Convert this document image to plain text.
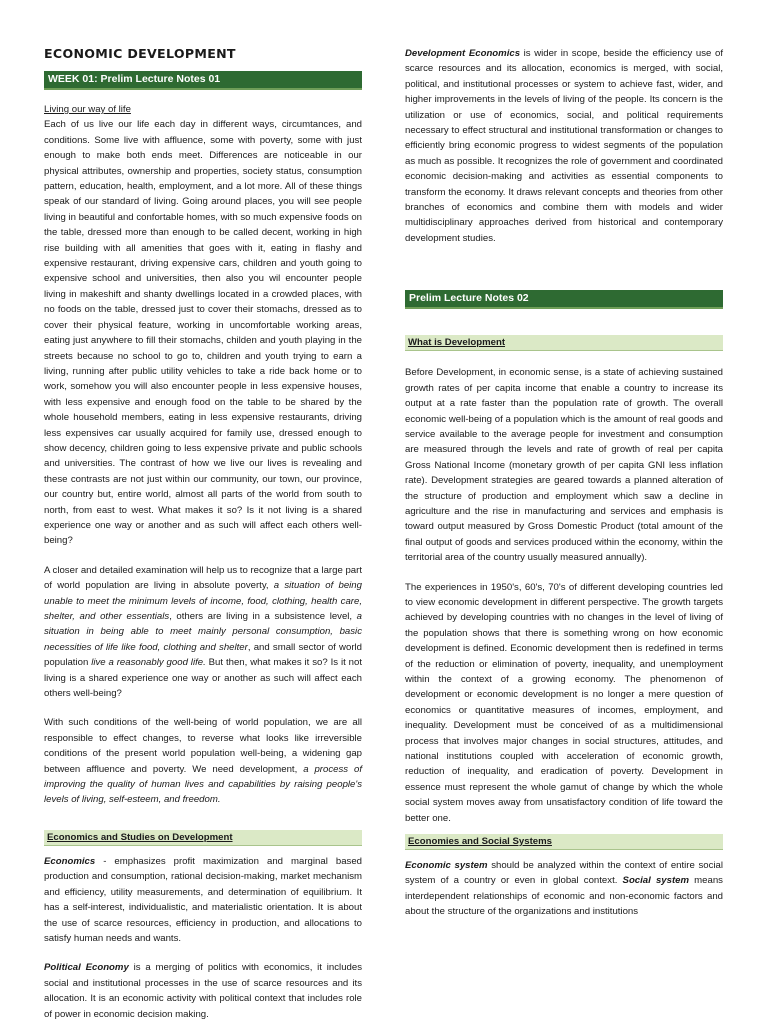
ECONOMIC DEVELOPMENT
WEEK 01: Prelim Lecture Notes 01
Living our way of life

Each of us live our life each day in different ways, circumtances, and conditions. Some live with affluence, some with poverty, some with just enough to make both ends meet. Differences are noticeable in our physical attributes, ownership and properties, society status, consumption pattern, education, health, employment, and a lot more. All of these things speak of our standard of living. Going around places, you will see people living in beautiful and confortable homes, with so much expensive foods on the table, dressed more than enough to be called decent, working in high rise building with all amenities that goes with it, eating in flashy and expensive restaurant, driving expensive cars, children and youth going to expensive school and universities, then also you wil encounter people living in makeshift and shanty dwellings located in a crowded places, with no foods on the table, dressed just to cover their stomachs, dressed as to cover their physical feature, working in uncomfortable working areas, eating just anywhere to fill their stomachs, childen and youth playing in the streets because no school to go to, children and youth trying to earn a living, running after public utility vehicles to take a ride back home or to work, somehow you will also encounter people in less expensive houses, with less expensive and enough food on the table to be shared by the whole household members, eating in less expensive restaurants, driving less expensives car usually acquired for family use, dressed enough to show decency, children going to less expensive private and public schools and universities. The contrast of how we live our lives is revealing and these contrasts are not just within our community, our town, our province, our country but, entire world, almost all parts of the world from south to north, from east to west. What makes it so? Is it not living is a shared experience one way or another and as such will affect each others well-being?

A closer and detailed examination will help us to recognize that a large part of world population are living in absolute poverty, a situation of being unable to meet the minimum levels of income, food, clothing, health care, shelter, and other essentials, others are living in a subsistence level, a situation in being able to meet mainly personal consumption, basic necessities of life like food, clothing and shelter, and small sector of world population live a reasonably good life. But then, what makes it so? Is it not living is a shared experience one way or another as such will affect each others well-being?

With such conditions of the well-being of world population, we are all responsible to effect changes, to reverse what looks like irreversible conditions of the present world population well-being, a widening gap between affluence and poverty. We need development, a process of improving the quality of human lives and capabilities by raising people's levels of living, self-esteem, and freedom.

Economics and Studies on Development

Economics - emphasizes profit maximization and marginal based production and consumption, rational decision-making, market mechanism and efficiency, utility measurements, and determination of equilibrium. It has a self-interest, individualistic, and materialistic orientation. It is about the use of scarce resources, efficiency in production, and allocations to satisfy human needs and wants.

Political Economy is a merging of politics with economics, it includes social and institutional processes in the use of scarce resources and its allocation. It is an economic activity with political context that includes role of power in economic decision making.

Development Economics is wider in scope, beside the efficiency use of scarce resources and its allocation, economics is merged, with social, political, and institutional processes or system to achieve fast, wider, and higher improvements in the levels of living of the people. Its concern is the utilization or use of economics, social, and political requirements necessary to effect structural and institutional transformation or changes to efficiently bring economic progress to widest segments of the population as much as possible. It recognizes the role of government and coordinated economic decision-making and activities as essential components to transform the economy. It draws relevant concepts and theories from other branches of economics and combine them with models and wider multidisciplinary approaches derived from historical and contemporary development studies.

Prelim Lecture Notes 02
What is Development

Before Development, in economic sense, is a state of achieving sustained growth rates of per capita income that enable a country to increase its output at a rate faster than the population rate of growth. The overall economic well-being of a population which is the amount of real goods and service available to the average people for investment and consumption are measured through the levels and rate of growth of real per capita Gross National Income (monetary growth of per capita GNI less inflation rate). Development strategies are geared towards a planned alteration of the structure of production and employment which saw a decline in agriculture and the rise in manufacturing and services and emphasis is toward output measured by Gross Domestic Product (total amount of the final output of goods and services produced within the economy, within the territorial area of the country usually measured annually).

The experiences in 1950's, 60's, 70's of different developing countries led to view economic development in different perspective. The growth targets achieved by developing countries with no changes in the level of living of the population shows that there is something wrong on how economic development is defined. Economic development then is redefined in terms of the reduction or elimination of poverty, inequality, and unemployment within the context of a growing economy. The phenomenon of development or economic development is no longer a mere question of economics or quantitative measures of incomes, employment, and inequality. Development must be conceived of as a multidimensional process that involves major changes in social structures, attitudes, and national institutions coupled with acceleration of economic growth, reduction of inequality, and eradication of poverty. Development in essence must represent the whole gamut of change by which the whole social system moves away from unsatisfactory condition of life toward the better one.

Economies and Social Systems

Economic system should be analyzed within the context of entire social system of a country or even in global context. Social system means interdependent relationships of economic and non-economic factors and about the structure of the organizations and institutions
